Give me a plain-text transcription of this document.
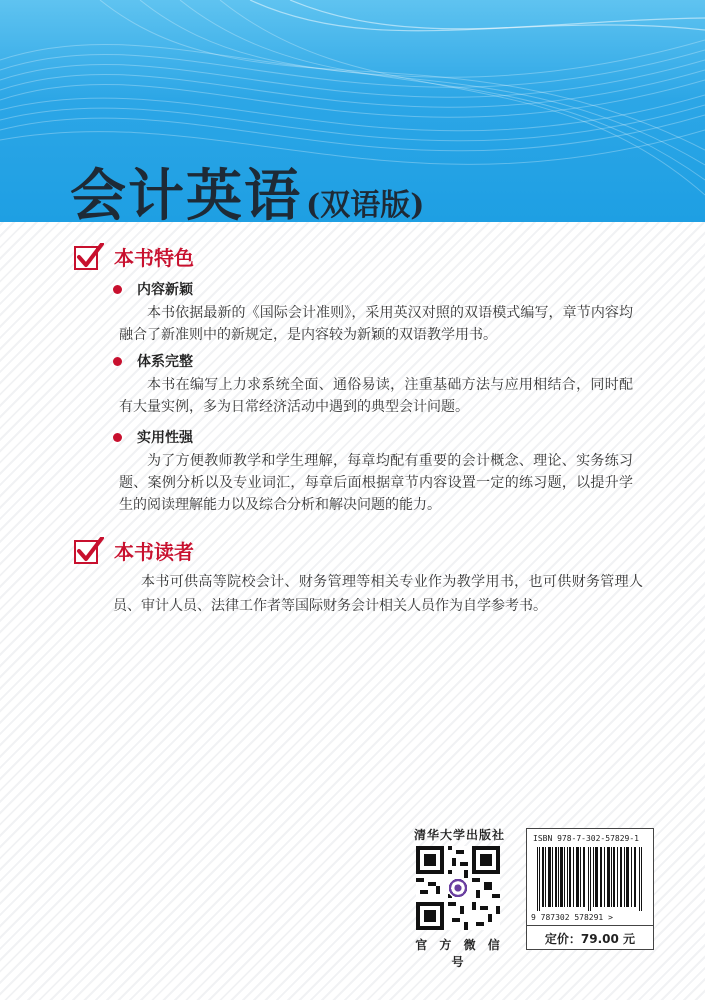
会计英语 (双语版)
本书特色
内容新颖
本书依据最新的《国际会计准则》，采用英汉对照的双语模式编写，章节内容均融合了新准则中的新规定，是内容较为新颖的双语教学用书。
体系完整
本书在编写上力求系统全面、通俗易读，注重基础方法与应用相结合，同时配有大量实例，多为日常经济活动中遇到的典型会计问题。
实用性强
为了方便教师教学和学生理解，每章均配有重要的会计概念、理论、实务练习题、案例分析以及专业词汇，每章后面根据章节内容设置一定的练习题，以提升学生的阅读理解能力以及综合分析和解决问题的能力。
本书读者
本书可供高等院校会计、财务管理等相关专业作为教学用书，也可供财务管理人员、审计人员、法律工作者等国际财务会计相关人员作为自学参考书。
清华大学出版社
官 方 微 信 号
ISBN 978-7-302-57829-1
9 787302 578291 >
定价：79.00 元
